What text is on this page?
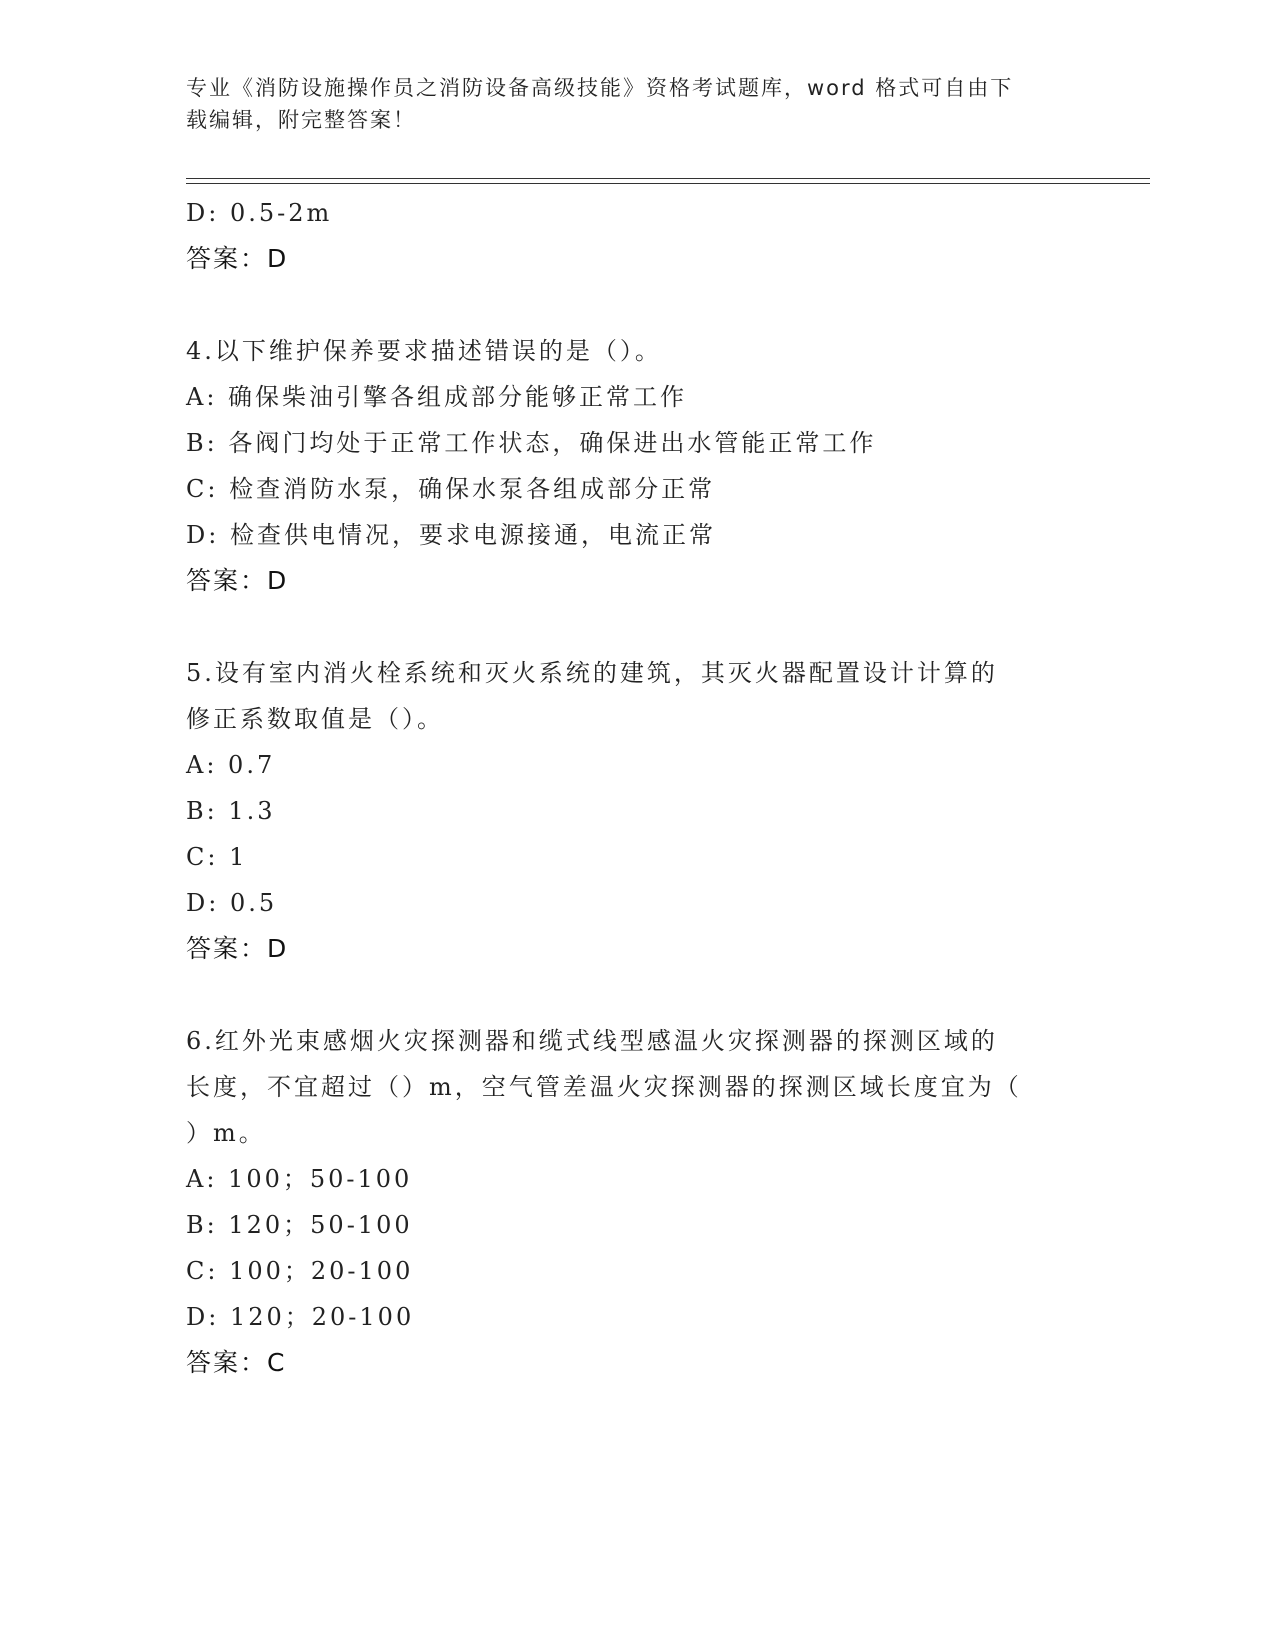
专业《消防设施操作员之消防设备高级技能》资格考试题库，word 格式可自由下
载编辑，附完整答案！
D: 0.5-2m
答案：D
4.以下维护保养要求描述错误的是（）。
A: 确保柴油引擎各组成部分能够正常工作
B: 各阀门均处于正常工作状态，确保进出水管能正常工作
C: 检查消防水泵，确保水泵各组成部分正常
D: 检查供电情况，要求电源接通，电流正常
答案：D
5.设有室内消火栓系统和灭火系统的建筑，其灭火器配置设计计算的
修正系数取值是（）。
A: 0.7
B: 1.3
C: 1
D: 0.5
答案：D
6.红外光束感烟火灾探测器和缆式线型感温火灾探测器的探测区域的
长度，不宜超过（）m，空气管差温火灾探测器的探测区域长度宜为（
）m。
A: 100；50-100
B: 120；50-100
C: 100；20-100
D: 120；20-100
答案：C
